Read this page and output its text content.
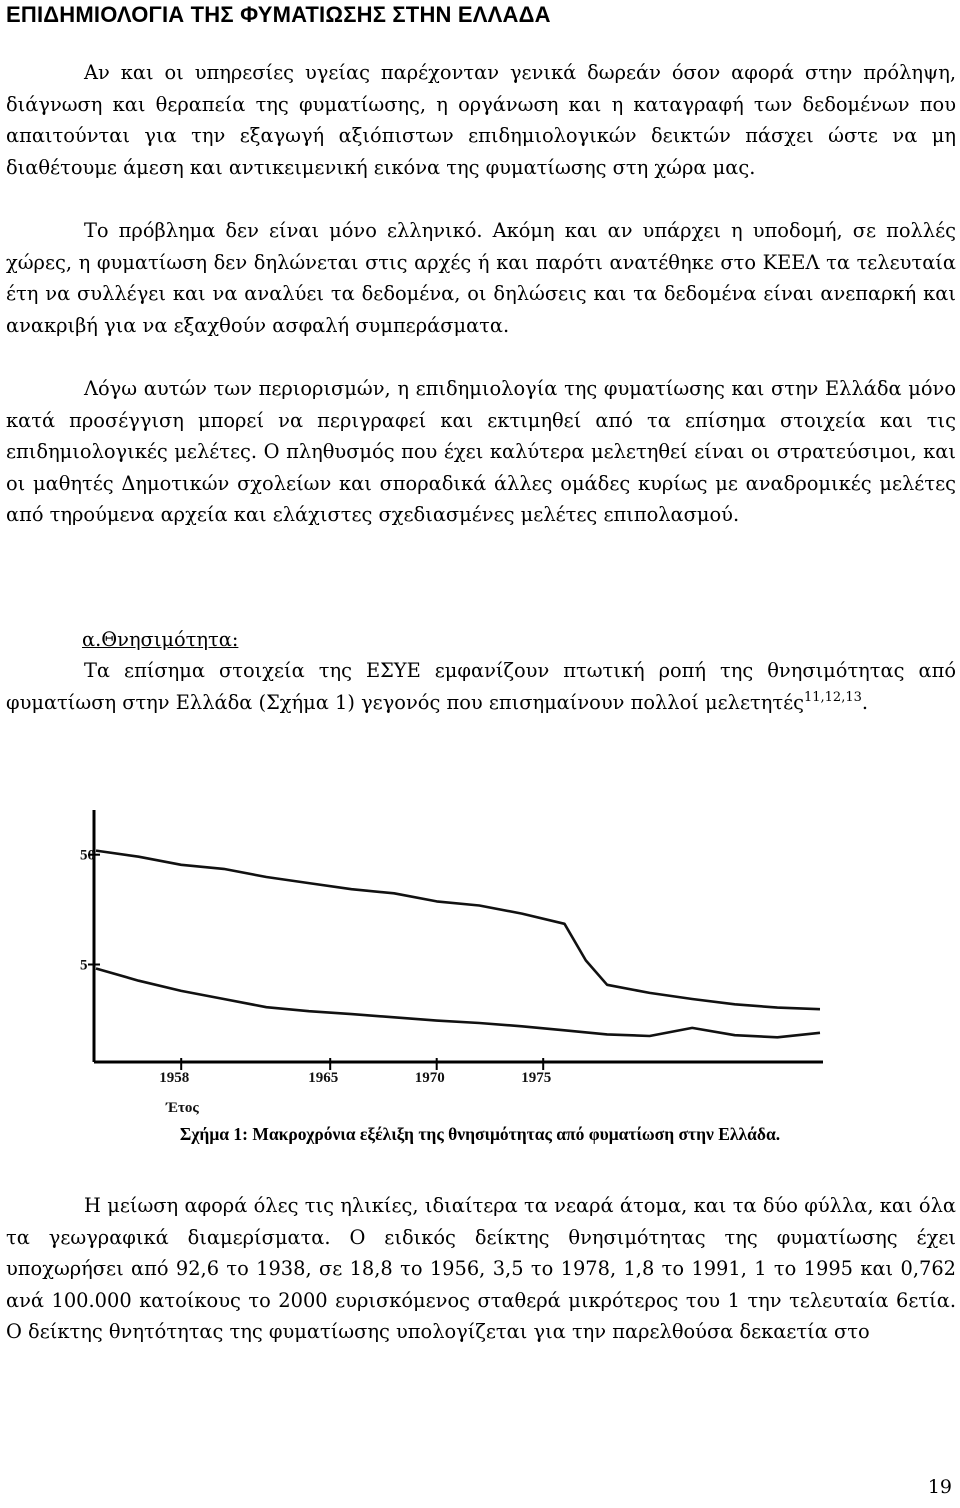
ΕΠΙΔΗΜΙΟΛΟΓΙΑ ΤΗΣ ΦΥΜΑΤΙΩΣΗΣ ΣΤΗΝ ΕΛΛΑΔΑ

Αν και οι υπηρεσίες υγείας παρέχονταν γενικά δωρεάν όσον αφορά στην πρόληψη, διάγνωση και θεραπεία της φυματίωσης, η οργάνωση και η καταγραφή των δεδομένων που απαιτούνται για την εξαγωγή αξιόπιστων επιδημιολογικών δεικτών πάσχει ώστε να μη διαθέτουμε άμεση και αντικειμενική εικόνα της φυματίωσης στη χώρα μας.

Το πρόβλημα δεν είναι μόνο ελληνικό. Ακόμη και αν υπάρχει η υποδομή, σε πολλές χώρες, η φυματίωση δεν δηλώνεται στις αρχές ή και παρότι ανατέθηκε στο ΚΕΕΛ τα τελευταία έτη να συλλέγει και να αναλύει τα δεδομένα, οι δηλώσεις και τα δεδομένα είναι ανεπαρκή και ανακριβή για να εξαχθούν ασφαλή συμπεράσματα.

Λόγω αυτών των περιορισμών, η επιδημιολογία της φυματίωσης και στην Ελλάδα μόνο κατά προσέγγιση μπορεί να περιγραφεί και εκτιμηθεί από τα επίσημα στοιχεία και τις επιδημιολογικές μελέτες. Ο πληθυσμός που έχει καλύτερα μελετηθεί είναι οι στρατεύσιμοι, και οι μαθητές Δημοτικών σχολείων και σποραδικά άλλες ομάδες κυρίως με αναδρομικές μελέτες από τηρούμενα αρχεία και ελάχιστες σχεδιασμένες μελέτες επιπολασμού.

α.Θνησιμότητα:

Τα επίσημα στοιχεία της ΕΣΥΕ εμφανίζουν πτωτική ροπή της θνησιμότητας από φυματίωση στην Ελλάδα (Σχήμα 1) γεγονός που επισημαίνουν πολλοί μελετητές$^{11,12,13}$.

50
5
1958	1965	1970	1975
Έτος
Σχήμα 1: Μακροχρόνια εξέλιξη της θνησιμότητας από φυματίωση στην Ελλάδα.

Η μείωση αφορά όλες τις ηλικίες, ιδιαίτερα τα νεαρά άτομα, και τα δύο φύλλα, και όλα τα γεωγραφικά διαμερίσματα. Ο ειδικός δείκτης θνησιμότητας της φυματίωσης έχει υποχωρήσει από 92,6 το 1938, σε 18,8 το 1956, 3,5 το 1978, 1,8 το 1991, 1 το 1995 και 0,762 ανά 100.000 κατοίκους το 2000 ευρισκόμενος σταθερά μικρότερος του 1 την τελευταία 6ετία. Ο δείκτης θνητότητας της φυματίωσης υπολογίζεται για την παρελθούσα δεκαετία στο

19
